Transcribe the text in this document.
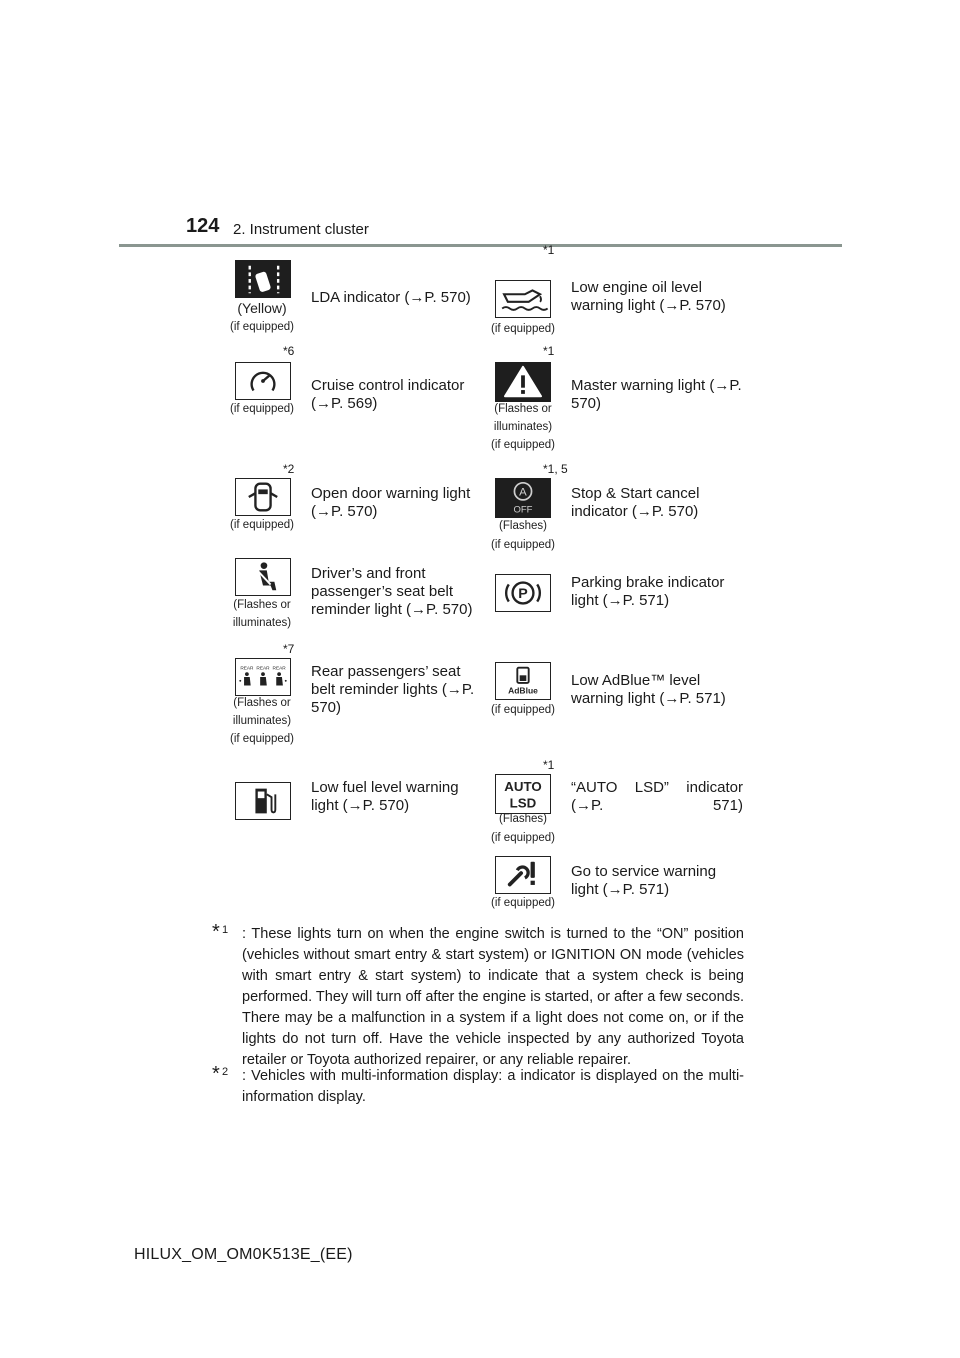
124 2. Instrument cluster
(Yellow)
(if equipped)
LDA indicator (→P. 570)
*1
(if equipped)
Low engine oil level warning light (→P. 570)
*6
(if equipped)
Cruise control indicator (→P. 569)
*1
(Flashes or
illuminates)
(if equipped)
Master warning light (→P. 570)
*2
(if equipped)
Open door warning light (→P. 570)
*1, 5
A
OFF
(Flashes)
(if equipped)
Stop & Start cancel indicator (→P. 570)
(Flashes or
illuminates)
Driver’s and front passenger’s seat belt reminder light (→P. 570)
P
Parking brake indicator light (→P. 571)
*7
REAR REAR REAR
(Flashes or
illuminates)
(if equipped)
Rear passengers’ seat belt reminder lights (→P. 570)
AdBlue
(if equipped)
Low AdBlue™ level warning light (→P. 571)
Low fuel level warning light (→P. 570)
*1
AUTO
LSD
(Flashes)
(if equipped)
“AUTO LSD” indicator (→P. 571)
(if equipped)
Go to service warning light (→P. 571)
* 1 : These lights turn on when the engine switch is turned to the “ON” position (vehicles without smart entry & start system) or IGNITION ON mode (vehicles with smart entry & start system) to indicate that a system check is being performed. They will turn off after the engine is started, or after a few seconds. There may be a malfunction in a system if a light does not come on, or if the lights do not turn off. Have the vehicle inspected by any authorized Toyota retailer or Toyota authorized repairer, or any reliable repairer.
* 2 : Vehicles with multi-information display: a indicator is displayed on the multi-information display.
HILUX_OM_OM0K513E_(EE)
